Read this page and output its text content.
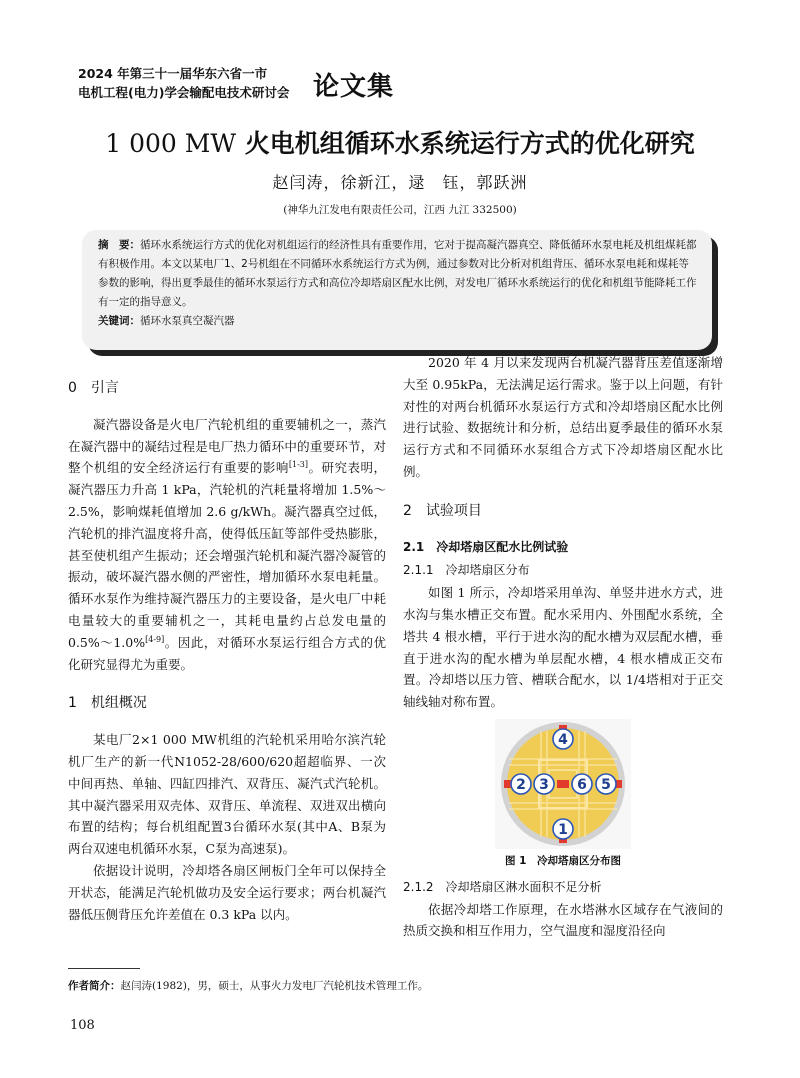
2024 年第三十一届华东六省一市
电机工程(电力)学会输配电技术研讨会 论文集
1 000 MW 火电机组循环水系统运行方式的优化研究
赵闫涛，徐新江，逯　钰，郭跃洲
(神华九江发电有限责任公司，江西 九江 332500)
摘　要：循环水系统运行方式的优化对机组运行的经济性具有重要作用，它对于提高凝汽器真空、降低循环水泵电耗及机组煤耗都有积极作用。本文以某电厂1、2号机组在不同循环水系统运行方式为例，通过参数对比分析对机组背压、循环水泵电耗和煤耗等参数的影响，得出夏季最佳的循环水泵运行方式和高位冷却塔扇区配水比例，对发电厂循环水系统运行的优化和机组节能降耗工作有一定的指导意义。
关键词：循环水泵真空凝汽器
0　引言

凝汽器设备是火电厂汽轮机组的重要辅机之一，蒸汽在凝汽器中的凝结过程是电厂热力循环中的重要环节，对整个机组的安全经济运行有重要的影响[1-3]。研究表明，凝汽器压力升高 1 kPa，汽轮机的汽耗量将增加 1.5%～2.5%，影响煤耗值增加 2.6 g/kWh。凝汽器真空过低，汽轮机的排汽温度将升高，使得低压缸等部件受热膨胀，甚至使机组产生振动；还会增强汽轮机和凝汽器冷凝管的振动，破坏凝汽器水侧的严密性，增加循环水泵电耗量。循环水泵作为维持凝汽器压力的主要设备，是火电厂中耗电量较大的重要辅机之一，其耗电量约占总发电量的 0.5%～1.0%[4-9]。因此，对循环水泵运行组合方式的优化研究显得尤为重要。

1　机组概况

某电厂2×1 000 MW机组的汽轮机采用哈尔滨汽轮机厂生产的新一代N1052-28/600/620超超临界、一次中间再热、单轴、四缸四排汽、双背压、凝汽式汽轮机。其中凝汽器采用双壳体、双背压、单流程、双进双出横向布置的结构；每台机组配置3台循环水泵(其中A、B泵为两台双速电机循环水泵，C泵为高速泵)。

依据设计说明，冷却塔各扇区闸板门全年可以保持全开状态，能满足汽轮机做功及安全运行要求；两台机凝汽器低压侧背压允许差值在 0.3 kPa 以内。

2020 年 4 月以来发现两台机凝汽器背压差值逐渐增大至 0.95kPa，无法满足运行需求。鉴于以上问题，有针对性的对两台机循环水泵运行方式和冷却塔扇区配水比例进行试验、数据统计和分析，总结出夏季最佳的循环水泵运行方式和不同循环水泵组合方式下冷却塔扇区配水比例。

2　试验项目
2.1　冷却塔扇区配水比例试验
2.1.1　冷却塔扇区分布

如图 1 所示，冷却塔采用单沟、单竖井进水方式，进水沟与集水槽正交布置。配水采用内、外围配水系统，全塔共 4 根水槽，平行于进水沟的配水槽为双层配水槽，垂直于进水沟的配水槽为单层配水槽，4 根水槽成正交布置。冷却塔以压力管、槽联合配水，以 1/4塔相对于正交轴线轴对称布置。

1
2 3
4
5
6
图 1　冷却塔扇区分布图
2.1.2　冷却塔扇区淋水面积不足分析

依据冷却塔工作原理，在水塔淋水区域存在气液间的热质交换和相互作用力，空气温度和湿度沿径向

作者简介：赵闫涛(1982)，男，硕士，从事火力发电厂汽轮机技术管理工作。
108
